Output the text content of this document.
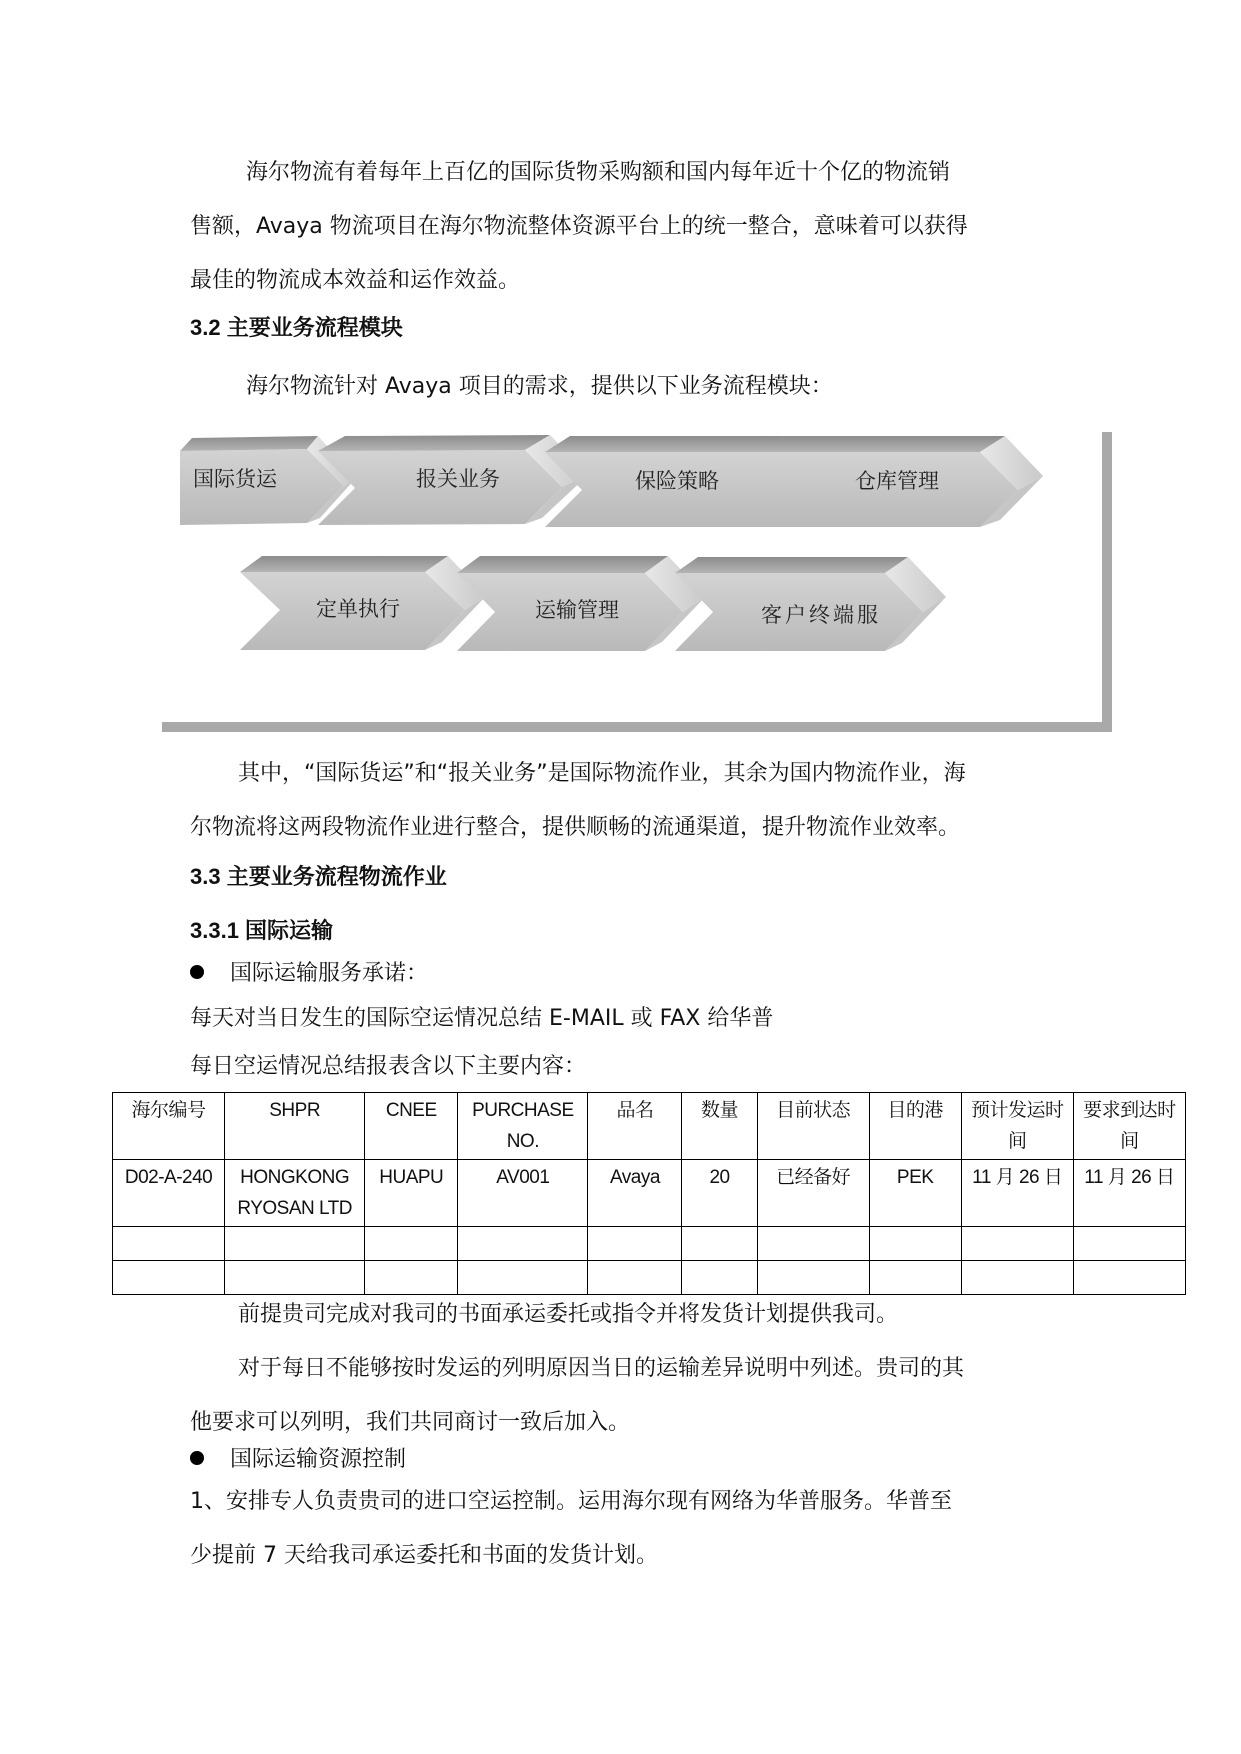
海尔物流有着每年上百亿的国际货物采购额和国内每年近十个亿的物流销
售额，Avaya 物流项目在海尔物流整体资源平台上的统一整合，意味着可以获得
最佳的物流成本效益和运作效益。

3.2 主要业务流程模块

海尔物流针对 Avaya 项目的需求，提供以下业务流程模块：

国际货运	报关业务	保险策略	仓库管理
定单执行	运输管理	客户终端服

其中，“国际货运”和“报关业务”是国际物流作业，其余为国内物流作业，海
尔物流将这两段物流作业进行整合，提供顺畅的流通渠道，提升物流作业效率。

3.3 主要业务流程物流作业

3.3.1 国际运输

国际运输服务承诺：

每天对当日发生的国际空运情况总结 E-MAIL 或 FAX 给华普

每日空运情况总结报表含以下主要内容：

海尔编号	SHPR	CNEE	PURCHASE NO.	品名	数量	目前状态	目的港	预计发运时间	要求到达时间
D02-A-240	HONGKONG RYOSAN LTD	HUAPU	AV001	Avaya	20	已经备好	PEK	11 月 26 日	11 月 26 日

前提贵司完成对我司的书面承运委托或指令并将发货计划提供我司。
对于每日不能够按时发运的列明原因当日的运输差异说明中列述。贵司的其
他要求可以列明，我们共同商讨一致后加入。

国际运输资源控制

1、安排专人负责贵司的进口空运控制。运用海尔现有网络为华普服务。华普至
少提前 7 天给我司承运委托和书面的发货计划。
